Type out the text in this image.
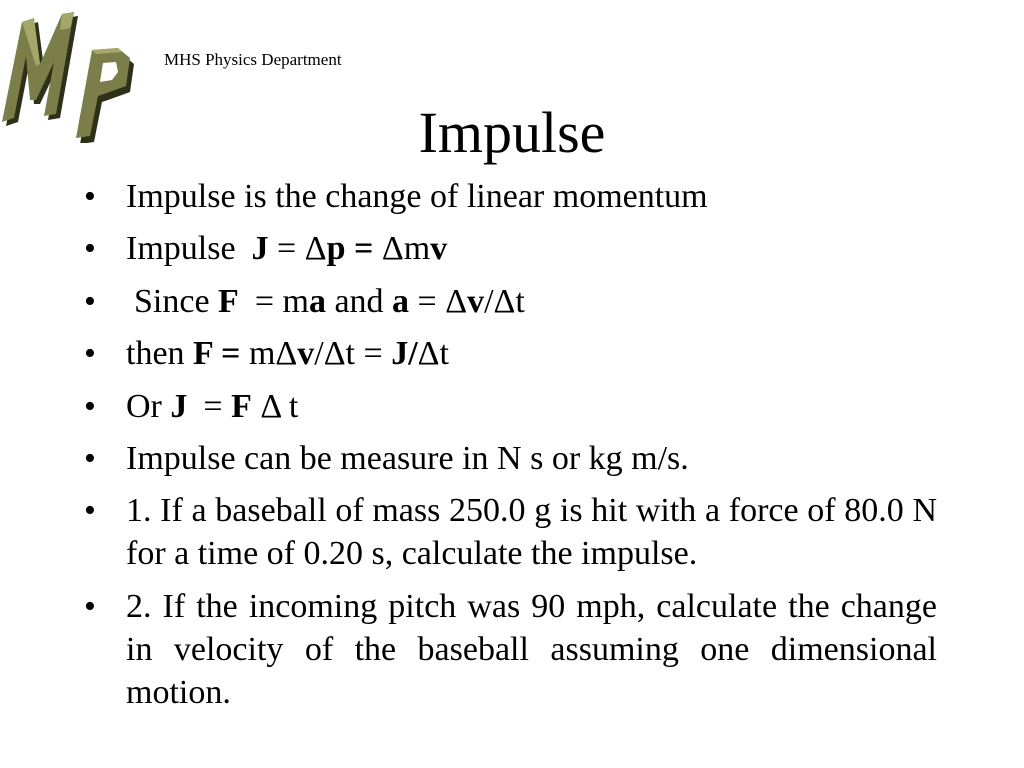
MHS Physics Department
Impulse
• Impulse is the change of linear momentum
• Impulse J = Δp = Δmv
• Since F = ma and a = Δv/Δt
• then F = mΔv/Δt = J/Δt
• Or J = F Δ t
• Impulse can be measure in N s or kg m/s.
• 1. If a baseball of mass 250.0 g is hit with a force of 80.0 N for a time of 0.20 s, calculate the impulse.
• 2. If the incoming pitch was 90 mph, calculate the change in velocity of the baseball assuming one dimensional motion.
